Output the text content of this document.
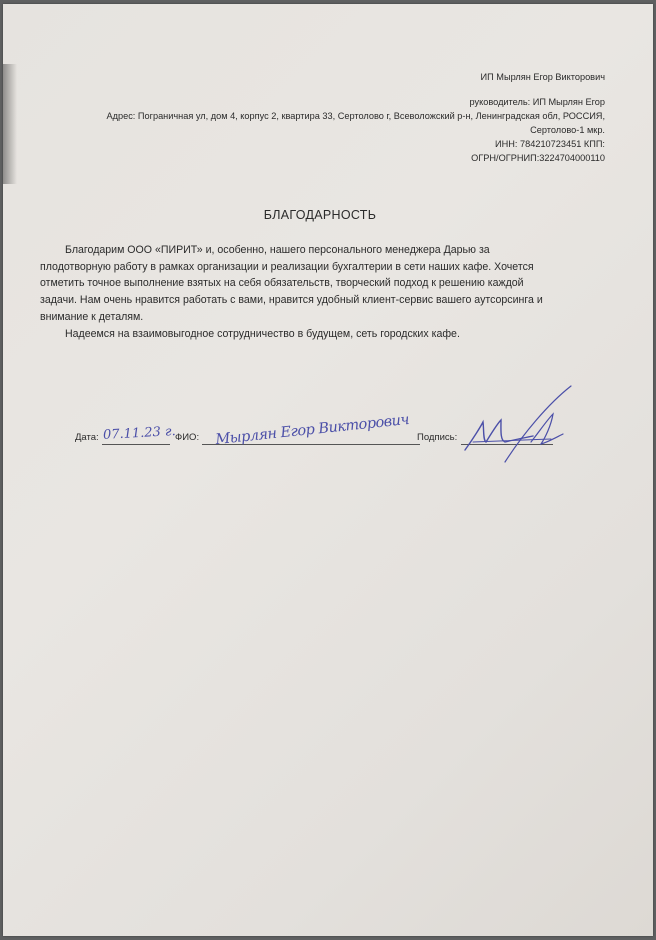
ИП Мырлян Егор Викторович
руководитель: ИП Мырлян Егор
Адрес: Пограничная ул, дом 4, корпус 2, квартира 33, Сертолово г, Всеволожский р-н, Ленинградская обл, РОССИЯ,
Сертолово-1 мкр.
ИНН: 784210723451 КПП:
ОГРН/ОГРНИП:3224704000110
БЛАГОДАРНОСТЬ

Благодарим ООО «ПИРИТ» и, особенно, нашего персонального менеджера Дарью за

плодотворную работу в рамках организации и реализации бухгалтерии в сети наших кафе. Хочется

отметить точное выполнение взятых на себя обязательств, творческий подход к решению каждой

задачи. Нам очень нравится работать с вами, нравится удобный клиент-сервис вашего аутсорсинга и

внимание к деталям.

Надеемся на взаимовыгодное сотрудничество в будущем, сеть городских кафе.

Дата: 07.11.23 г.
ФИО: Мырлян Егор Викторович Подпись:
